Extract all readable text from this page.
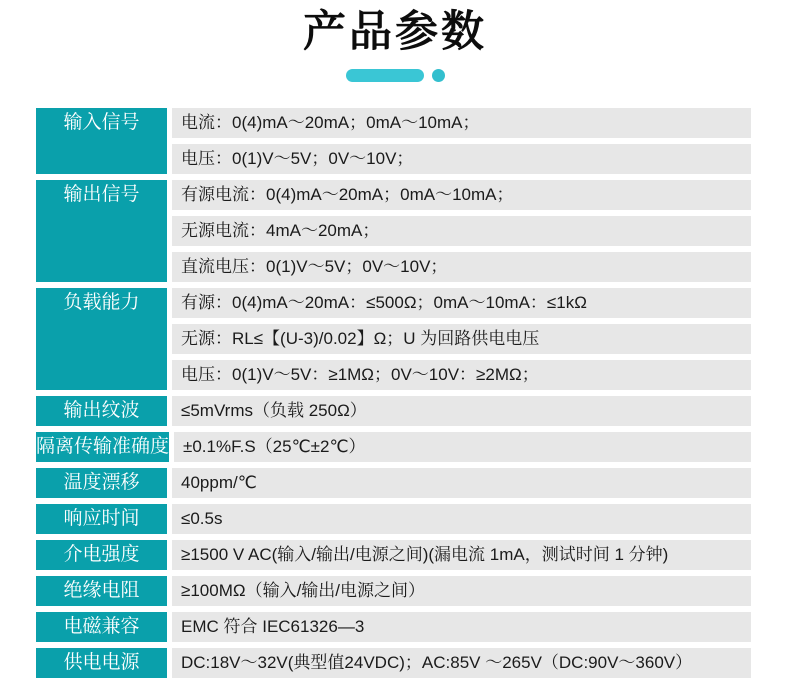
产品参数
输入信号	电流：0(4)mA～20mA；0mA～10mA；
电压：0(1)V～5V；0V～10V；
输出信号	有源电流：0(4)mA～20mA；0mA～10mA；
无源电流：4mA～20mA；
直流电压：0(1)V～5V；0V～10V；
负载能力	有源：0(4)mA～20mA：≤500Ω；0mA～10mA：≤1kΩ
无源：RL≤【(U-3)/0.02】Ω；U 为回路供电电压
电压：0(1)V～5V：≥1MΩ；0V～10V：≥2MΩ；
输出纹波	≤5mVrms（负载 250Ω）
隔离传输准确度 ±0.1%F.S（25℃±2℃）
温度漂移	40ppm/℃
响应时间	≤0.5s
介电强度	≥1500 V AC(输入/输出/电源之间)(漏电流 1mA，测试时间 1 分钟)
绝缘电阻	≥100MΩ（输入/输出/电源之间）
电磁兼容	EMC 符合 IEC61326—3
供电电源	DC:18V～32V(典型值24VDC)；AC:85V ～265V（DC:90V～360V）
